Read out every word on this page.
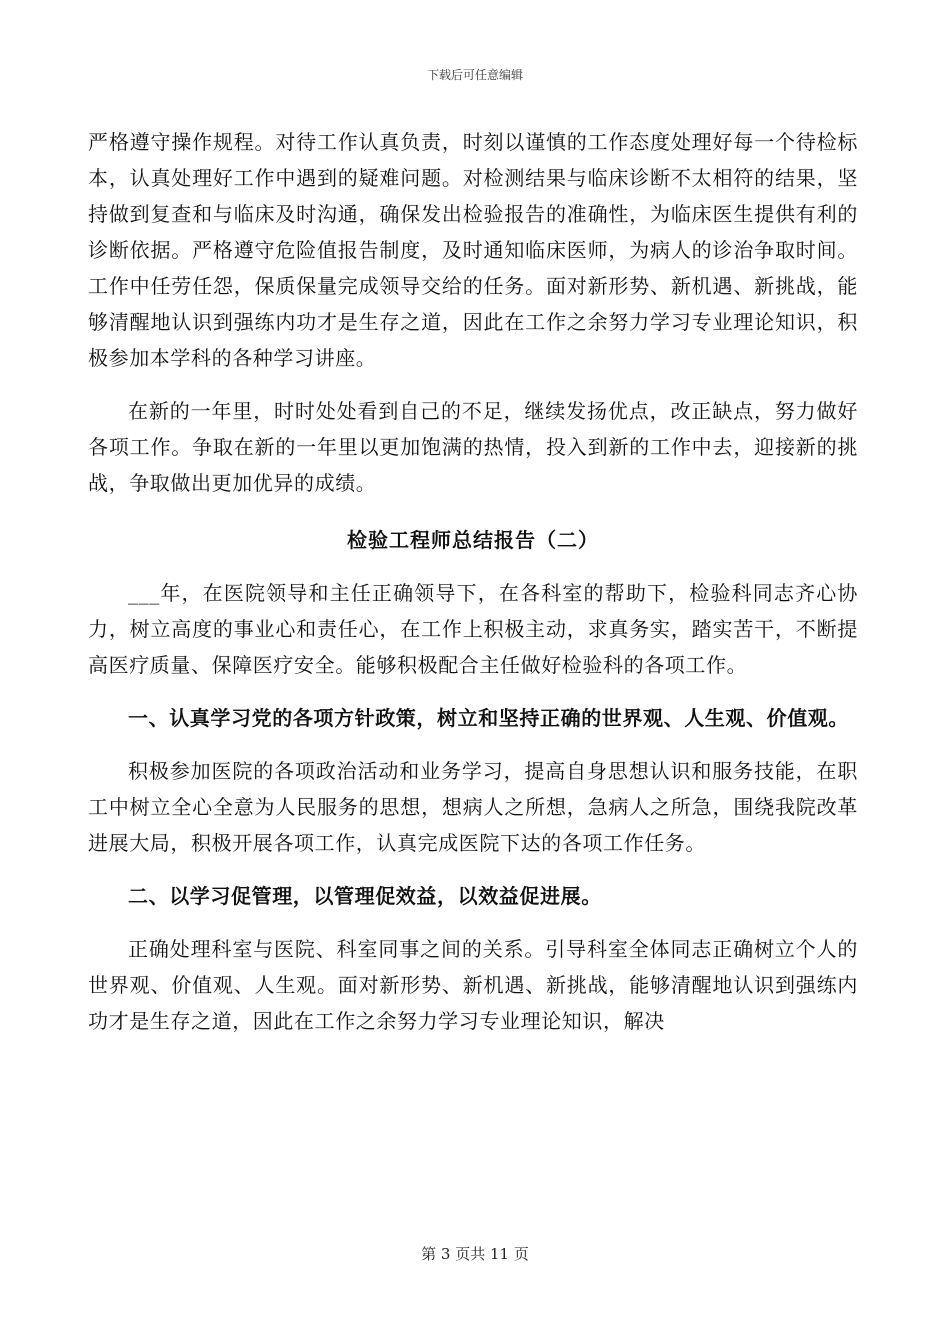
下载后可任意编辑

严格遵守操作规程。对待工作认真负责，时刻以谨慎的工作态度处理好每一个待检标本，认真处理好工作中遇到的疑难问题。对检测结果与临床诊断不太相符的结果，坚持做到复查和与临床及时沟通，确保发出检验报告的准确性，为临床医生提供有利的诊断依据。严格遵守危险值报告制度，及时通知临床医师，为病人的诊治争取时间。工作中任劳任怨，保质保量完成领导交给的任务。面对新形势、新机遇、新挑战，能够清醒地认识到强练内功才是生存之道，因此在工作之余努力学习专业理论知识，积极参加本学科的各种学习讲座。

在新的一年里，时时处处看到自己的不足，继续发扬优点，改正缺点，努力做好各项工作。争取在新的一年里以更加饱满的热情，投入到新的工作中去，迎接新的挑战，争取做出更加优异的成绩。

检验工程师总结报告（二）

___年，在医院领导和主任正确领导下，在各科室的帮助下，检验科同志齐心协力，树立高度的事业心和责任心，在工作上积极主动，求真务实，踏实苦干，不断提高医疗质量、保障医疗安全。能够积极配合主任做好检验科的各项工作。

一、认真学习党的各项方针政策，树立和坚持正确的世界观、人生观、价值观。

积极参加医院的各项政治活动和业务学习，提高自身思想认识和服务技能，在职工中树立全心全意为人民服务的思想，想病人之所想，急病人之所急，围绕我院改革进展大局，积极开展各项工作，认真完成医院下达的各项工作任务。

二、以学习促管理，以管理促效益，以效益促进展。

正确处理科室与医院、科室同事之间的关系。引导科室全体同志正确树立个人的世界观、价值观、人生观。面对新形势、新机遇、新挑战，能够清醒地认识到强练内功才是生存之道，因此在工作之余努力学习专业理论知识，解决

第 3 页共 11 页
